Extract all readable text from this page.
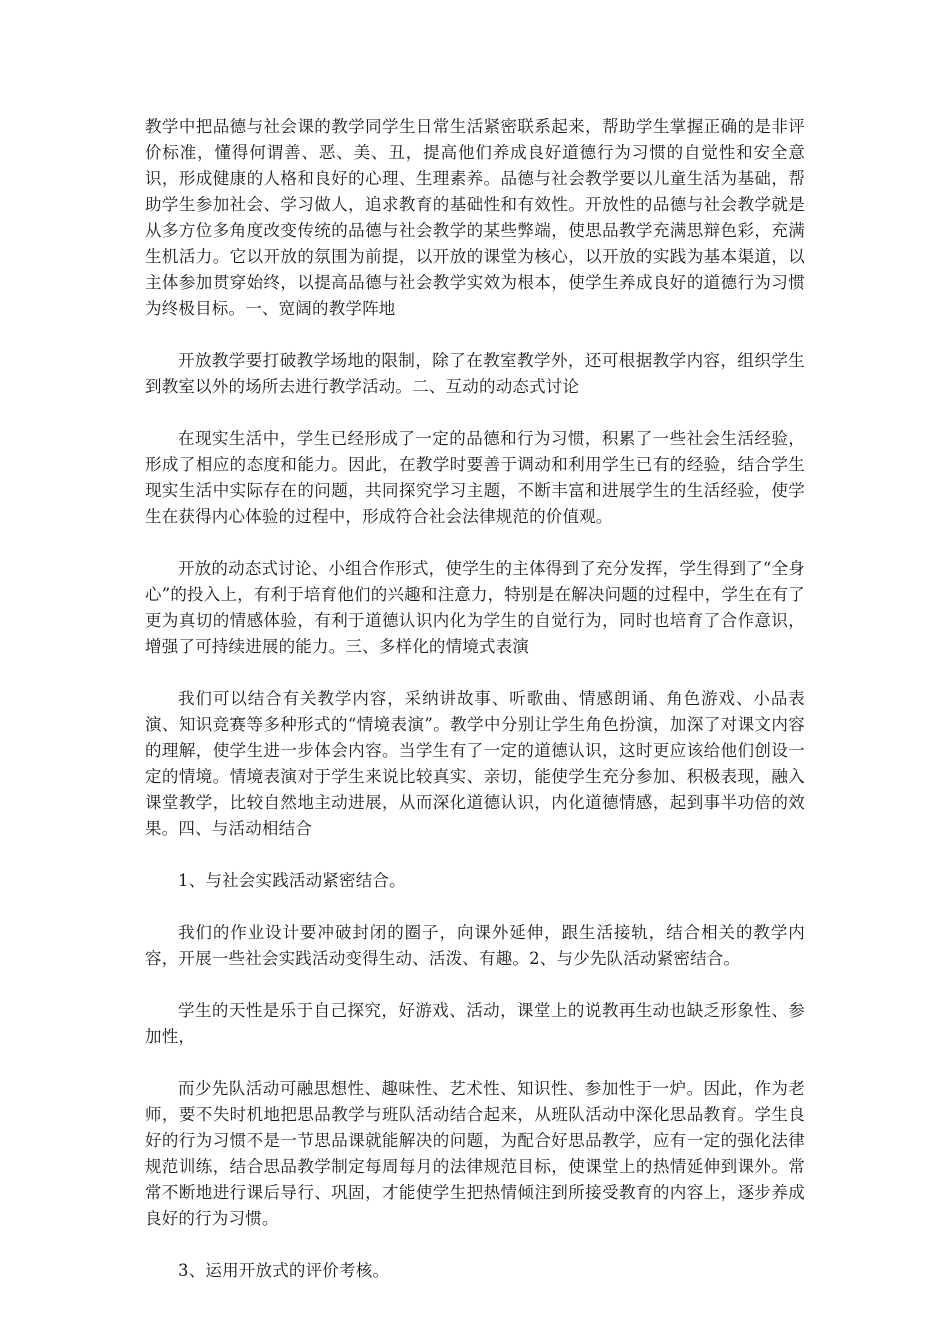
教学中把品德与社会课的教学同学生日常生活紧密联系起来，帮助学生掌握正确的是非评价标准，懂得何谓善、恶、美、丑，提高他们养成良好道德行为习惯的自觉性和安全意识，形成健康的人格和良好的心理、生理素养。品德与社会教学要以儿童生活为基础，帮助学生参加社会、学习做人，追求教育的基础性和有效性。开放性的品德与社会教学就是从多方位多角度改变传统的品德与社会教学的某些弊端，使思品教学充满思辩色彩，充满生机活力。它以开放的氛围为前提，以开放的课堂为核心，以开放的实践为基本渠道，以主体参加贯穿始终，以提高品德与社会教学实效为根本，使学生养成良好的道德行为习惯为终极目标。一、宽阔的教学阵地

开放教学要打破教学场地的限制，除了在教室教学外，还可根据教学内容，组织学生到教室以外的场所去进行教学活动。二、互动的动态式讨论

在现实生活中，学生已经形成了一定的品德和行为习惯，积累了一些社会生活经验，形成了相应的态度和能力。因此，在教学时要善于调动和利用学生已有的经验，结合学生现实生活中实际存在的问题，共同探究学习主题，不断丰富和进展学生的生活经验，使学生在获得内心体验的过程中，形成符合社会法律规范的价值观。

开放的动态式讨论、小组合作形式，使学生的主体得到了充分发挥，学生得到了“全身心”的投入上，有利于培育他们的兴趣和注意力，特别是在解决问题的过程中，学生在有了更为真切的情感体验，有利于道德认识内化为学生的自觉行为，同时也培育了合作意识，增强了可持续进展的能力。三、多样化的情境式表演

我们可以结合有关教学内容，采纳讲故事、听歌曲、情感朗诵、角色游戏、小品表演、知识竞赛等多种形式的“情境表演”。教学中分别让学生角色扮演，加深了对课文内容的理解，使学生进一步体会内容。当学生有了一定的道德认识，这时更应该给他们创设一定的情境。情境表演对于学生来说比较真实、亲切，能使学生充分参加、积极表现，融入课堂教学，比较自然地主动进展，从而深化道德认识，内化道德情感，起到事半功倍的效果。四、与活动相结合

1、与社会实践活动紧密结合。

我们的作业设计要冲破封闭的圈子，向课外延伸，跟生活接轨，结合相关的教学内容，开展一些社会实践活动变得生动、活泼、有趣。2、与少先队活动紧密结合。

学生的天性是乐于自己探究，好游戏、活动，课堂上的说教再生动也缺乏形象性、参加性，

而少先队活动可融思想性、趣味性、艺术性、知识性、参加性于一炉。因此，作为老师，要不失时机地把思品教学与班队活动结合起来，从班队活动中深化思品教育。学生良好的行为习惯不是一节思品课就能解决的问题，为配合好思品教学，应有一定的强化法律规范训练，结合思品教学制定每周每月的法律规范目标，使课堂上的热情延伸到课外。常常不断地进行课后导行、巩固，才能使学生把热情倾注到所接受教育的内容上，逐步养成良好的行为习惯。

3、运用开放式的评价考核。
